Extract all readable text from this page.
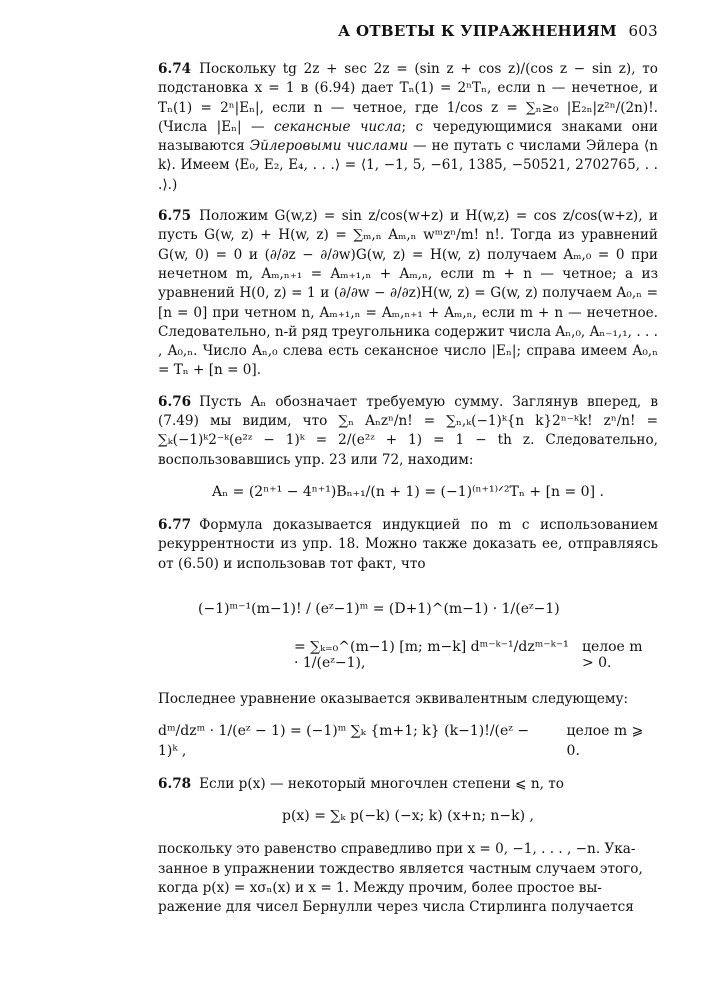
А ОТВЕТЫ К УПРАЖНЕНИЯМ 603

6.74 Поскольку tg 2z + sec 2z = (sin z + cos z)/(cos z − sin z), то подстановка x = 1 в (6.94) дает Tₙ(1) = 2ⁿTₙ, если n — нечетное, и Tₙ(1) = 2ⁿ|Eₙ|, если n — четное, где 1/cos z = ∑ₙ≥₀ |E₂ₙ|z²ⁿ/(2n)!. (Числа |Eₙ| — секансные числа; с чередующимися знаками они называются Эйлеровыми числами — не путать с числами Эйлера ⟨n k⟩. Имеем ⟨E₀, E₂, E₄, . . .⟩ = ⟨1, −1, 5, −61, 1385, −50521, 2702765, . . .⟩.)

6.75 Положим G(w,z) = sin z/cos(w+z) и H(w,z) = cos z/cos(w+z), и пусть G(w, z) + H(w, z) = ∑ₘ,ₙ Aₘ,ₙ wᵐzⁿ/m! n!. Тогда из уравнений G(w, 0) = 0 и (∂/∂z − ∂/∂w)G(w, z) = H(w, z) получаем Aₘ,₀ = 0 при нечетном m, Aₘ,ₙ₊₁ = Aₘ₊₁,ₙ + Aₘ,ₙ, если m + n — четное; а из уравнений H(0, z) = 1 и (∂/∂w − ∂/∂z)H(w, z) = G(w, z) получаем A₀,ₙ = [n = 0] при четном n, Aₘ₊₁,ₙ = Aₘ,ₙ₊₁ + Aₘ,ₙ, если m + n — нечетное. Следовательно, n-й ряд треугольника содержит числа Aₙ,₀, Aₙ₋₁,₁, . . . , A₀,ₙ. Число Aₙ,₀ слева есть секансное число |Eₙ|; справа имеем A₀,ₙ = Tₙ + [n = 0].

6.76 Пусть Aₙ обозначает требуемую сумму. Заглянув вперед, в (7.49) мы видим, что ∑ₙ Aₙzⁿ/n! = ∑ₙ,ₖ(−1)ᵏ{n k}2ⁿ⁻ᵏk! zⁿ/n! = ∑ₖ(−1)ᵏ2⁻ᵏ(e²ᶻ − 1)ᵏ = 2/(e²ᶻ + 1) = 1 − th z. Следовательно, воспользовавшись упр. 23 или 72, находим:

Aₙ = (2ⁿ⁺¹ − 4ⁿ⁺¹)Bₙ₊₁/(n + 1) = (−1)⁽ⁿ⁺¹⁾ᐟ²Tₙ + [n = 0] .

6.77 Формула доказывается индукцией по m с использованием рекуррентности из упр. 18. Можно также доказать ее, отправляясь от (6.50) и использовав тот факт, что

(−1)ᵐ⁻¹(m−1)! / (eᶻ−1)ᵐ = (D+1)^(m−1) · 1/(eᶻ−1)
= ∑ₖ₌₀^(m−1) [m; m−k] dᵐ⁻ᵏ⁻¹/dzᵐ⁻ᵏ⁻¹ · 1/(eᶻ−1),
целое m > 0.

Последнее уравнение оказывается эквивалентным следующему:

dᵐ/dzᵐ · 1/(eᶻ − 1) = (−1)ᵐ ∑ₖ {m+1; k} (k−1)!/(eᶻ − 1)ᵏ ,
целое m ⩾ 0.

6.78 Если p(x) — некоторый многочлен степени ⩽ n, то

p(x) = ∑ₖ p(−k) (−x; k) (x+n; n−k) ,

поскольку это равенство справедливо при x = 0, −1, . . . , −n. Ука-

занное в упражнении тождество является частным случаем этого,

когда p(x) = xσₙ(x) и x = 1. Между прочим, более простое вы-

ражение для чисел Бернулли через числа Стирлинга получается
